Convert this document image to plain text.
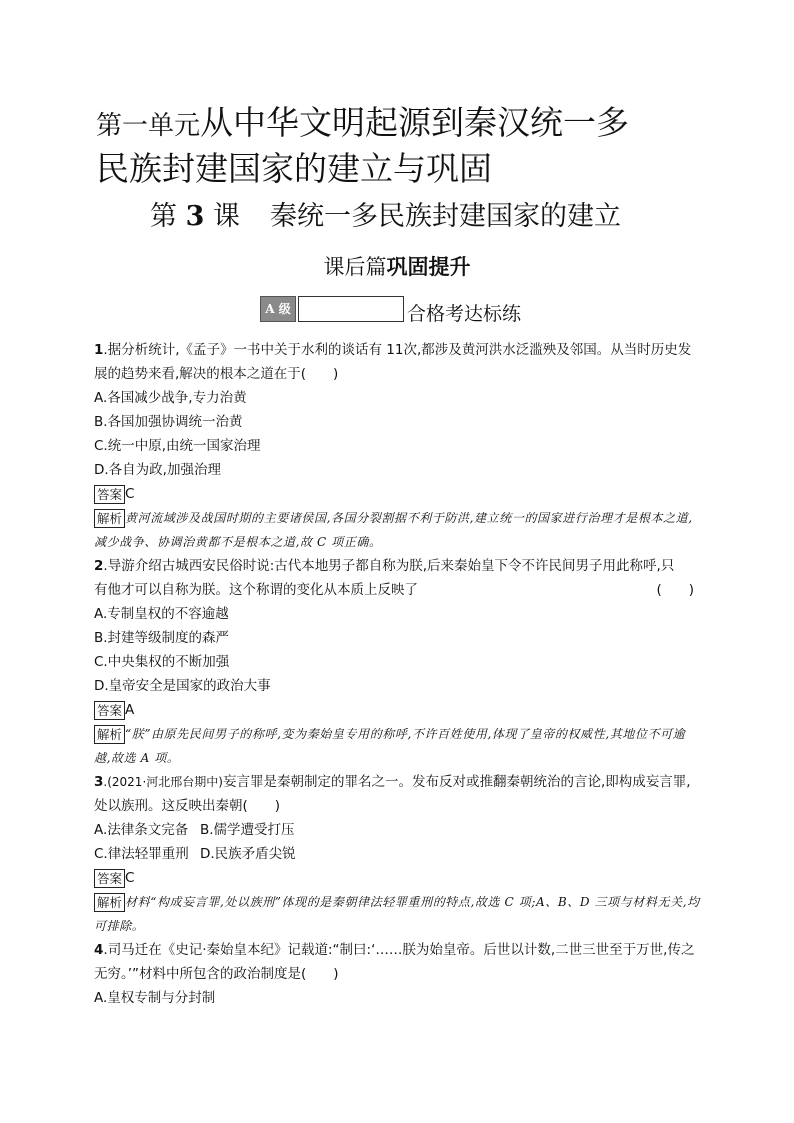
第一单元从中华文明起源到秦汉统一多
民族封建国家的建立与巩固
第 3 课 秦统一多民族封建国家的建立
课后篇巩固提升
A 级	合格考达标练
1.据分析统计,《孟子》一书中关于水利的谈话有 11次,都涉及黄河洪水泛滥殃及邻国。从当时历史发展的趋势来看,解决的根本之道在于(　　)
A.各国减少战争,专力治黄
B.各国加强协调统一治黄
C.统一中原,由统一国家治理
D.各自为政,加强治理
答案 C
解析 黄河流域涉及战国时期的主要诸侯国,各国分裂割据不利于防洪,建立统一的国家进行治理才是根本之道,减少战争、协调治黄都不是根本之道,故 C 项正确。
2.导游介绍古城西安民俗时说:古代本地男子都自称为朕,后来秦始皇下令不许民间男子用此称呼,只
有他才可以自称为朕。这个称谓的变化从本质上反映了	(　　)
A.专制皇权的不容逾越
B.封建等级制度的森严
C.中央集权的不断加强
D.皇帝安全是国家的政治大事
答案 A
解析 “朕”由原先民间男子的称呼,变为秦始皇专用的称呼,不许百姓使用,体现了皇帝的权威性,其地位不可逾越,故选 A 项。
3.(2021·河北邢台期中)妄言罪是秦朝制定的罪名之一。发布反对或推翻秦朝统治的言论,即构成妄言罪,处以族刑。这反映出秦朝(　　)
A.法律条文完备 B.儒学遭受打压
C.律法轻罪重刑 D.民族矛盾尖锐
答案 C
解析 材料“构成妄言罪,处以族刑”体现的是秦朝律法轻罪重刑的特点,故选 C 项;A、B、D 三项与材料无关,均可排除。
4.司马迁在《史记·秦始皇本纪》记载道:“制曰:‘……朕为始皇帝。后世以计数,二世三世至于万世,传之无穷。’”材料中所包含的政治制度是(　　)
A.皇权专制与分封制
